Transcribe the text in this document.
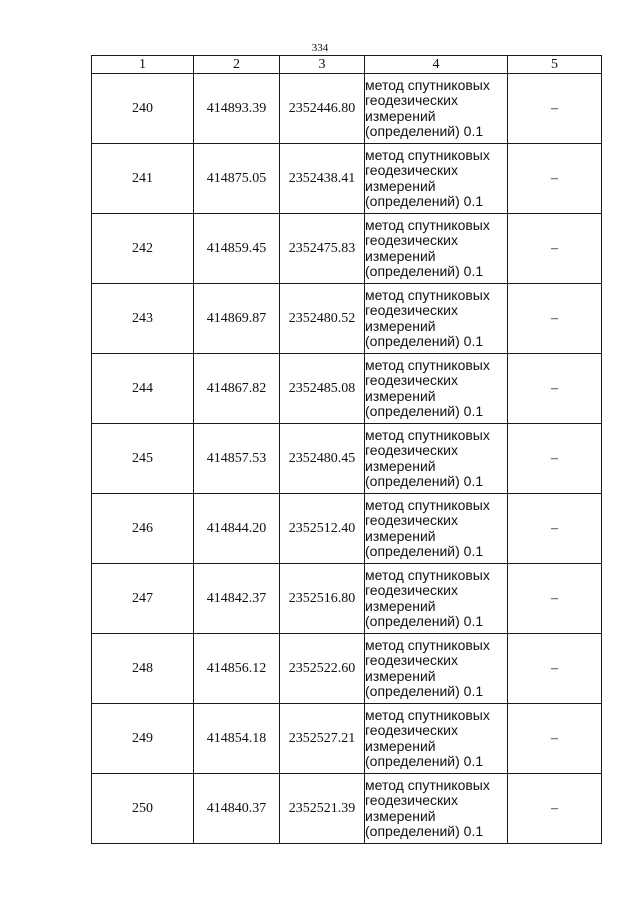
334
1	2	3	4	5
240	414893.39	2352446.80	метод спутниковых
геодезических
измерений
(определений) 0.1	–
241	414875.05	2352438.41	метод спутниковых
геодезических
измерений
(определений) 0.1	–
242	414859.45	2352475.83	метод спутниковых
геодезических
измерений
(определений) 0.1	–
243	414869.87	2352480.52	метод спутниковых
геодезических
измерений
(определений) 0.1	–
244	414867.82	2352485.08	метод спутниковых
геодезических
измерений
(определений) 0.1	–
245	414857.53	2352480.45	метод спутниковых
геодезических
измерений
(определений) 0.1	–
246	414844.20	2352512.40	метод спутниковых
геодезических
измерений
(определений) 0.1	–
247	414842.37	2352516.80	метод спутниковых
геодезических
измерений
(определений) 0.1	–
248	414856.12	2352522.60	метод спутниковых
геодезических
измерений
(определений) 0.1	–
249	414854.18	2352527.21	метод спутниковых
геодезических
измерений
(определений) 0.1	–
250	414840.37	2352521.39	метод спутниковых
геодезических
измерений
(определений) 0.1	–
